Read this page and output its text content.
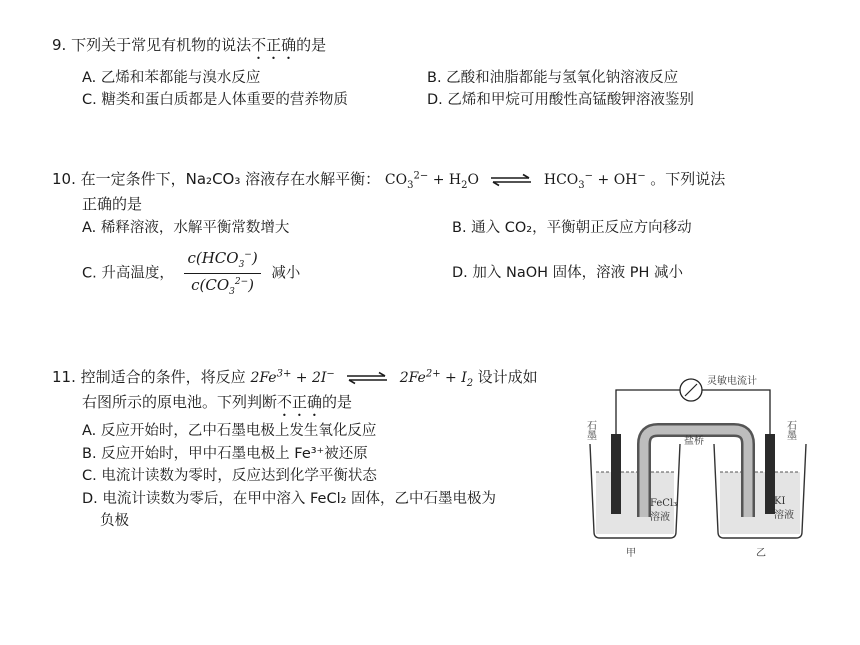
9. 下列关于常见有机物的说法不正确的是
A. 乙烯和苯都能与溴水反应	B. 乙酸和油脂都能与氢氧化钠溶液反应
C. 糖类和蛋白质都是人体重要的营养物质	D. 乙烯和甲烷可用酸性高锰酸钾溶液鉴别
10. 在一定条件下，Na₂CO₃ 溶液存在水解平衡： $CO_3^{2-} + H_2O$ ⇌ $HCO_3^- + OH^-$ 。下列说法
正确的是
A. 稀释溶液，水解平衡常数增大	B. 通入 CO₂，平衡朝正反应方向移动
C. 升高温度， $\frac{c(HCO_3^-)}{c(CO_3^{2-})}$ 减小	D. 加入 NaOH 固体，溶液 PH 减小
11. 控制适合的条件，将反应 $2Fe^{3+} + 2I^-$ ⇌ $2Fe^{2+} + I_2$ 设计成如
右图所示的原电池。下列判断不正确的是
A. 反应开始时，乙中石墨电极上发生氧化反应
B. 反应开始时，甲中石墨电极上 Fe³⁺被还原
C. 电流计读数为零时，反应达到化学平衡状态
D. 电流计读数为零后，在甲中溶入 FeCl₂ 固体，乙中石墨电极为
负极
灵敏电流计
盐桥
石墨	石墨
FeCl₃
溶液
KI
溶液
甲	乙
